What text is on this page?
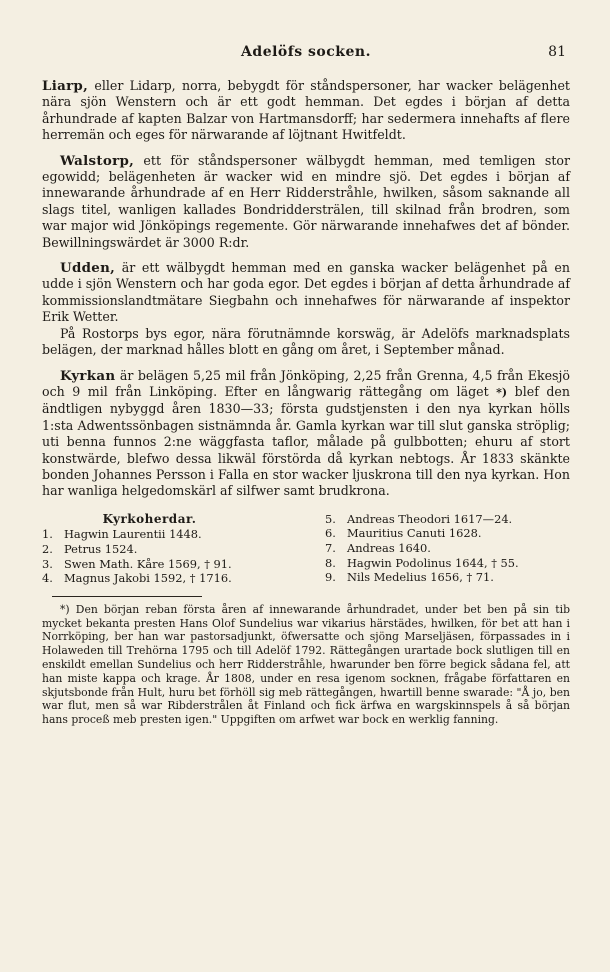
Adelöfs socken.	81

Liarp, eller Lidarp, norra, bebygdt för ståndspersoner, har wacker belägenhet nära sjön Wenstern och är ett godt hemman. Det egdes i början af detta århundrade af kapten Balzar von Hartmansdorff; har sedermera innehafts af flere herremän och eges för närwarande af löjtnant Hwitfeldt.

Walstorp, ett för ståndspersoner wälbygdt hemman, med temligen stor egowidd; belägenheten är wacker wid en mindre sjö. Det egdes i början af innewarande århundrade af en Herr Ridderstråhle, hwilken, såsom saknande all slags titel, wanligen kallades Bondriddersträlen, till skilnad från brodren, som war major wid Jönköpings regemente. Gör närwarande innehafwes det af bönder. Bewillningswärdet är 3000 R:dr.

Udden, är ett wälbygdt hemman med en ganska wacker belägenhet på en udde i sjön Wenstern och har goda egor. Det egdes i början af detta århundrade af kommissionslandtmätare Siegbahn och innehafwes för närwarande af inspektor Erik Wetter.

På Rostorps bys egor, nära förutnämnde korswäg, är Adelöfs marknadsplats belägen, der marknad hålles blott en gång om året, i September månad.

Kyrkan är belägen 5,25 mil från Jönköping, 2,25 från Grenna, 4,5 från Ekesjö och 9 mil från Linköping. Efter en långwarig rättegång om läget *) blef den ändtligen nybyggd åren 1830—33; första gudstjensten i den nya kyrkan hölls 1:sta Adwentssönbagen sistnämnda år. Gamla kyrkan war till slut ganska ströplig; uti benna funnos 2:ne wäggfasta taflor, målade på gulbbotten; ehuru af stort konstwärde, blefwo dessa likwäl förstörda då kyrkan nebtogs. År 1833 skänkte bonden Johannes Persson i Falla en stor wacker ljuskrona till den nya kyrkan. Hon har wanliga helgedomskärl af silfwer samt brudkrona.

Kyrkoherdar.
1. Hagwin Laurentii 1448.
2. Petrus 1524.
3. Swen Math. Kåre 1569, † 91.
4. Magnus Jakobi 1592, † 1716.
5. Andreas Theodori 1617—24.
6. Mauritius Canuti 1628.
7. Andreas 1640.
8. Hagwin Podolinus 1644, † 55.
9. Nils Medelius 1656, † 71.

*) Den början reban första åren af innewarande århundradet, under bet ben på sin tib mycket bekanta presten Hans Olof Sundelius war vikarius härstädes, hwilken, för bet att han i Norrköping, ber han war pastorsadjunkt, öfwersatte och sjöng Marseljäsen, förpassades in i Holaweden till Trehörna 1795 och till Adelöf 1792. Rättegången urartade bock slutligen till en enskildt emellan Sundelius och herr Ridderstråhle, hwarunder ben förre begick sådana fel, att han miste kappa och krage. År 1808, under en resa igenom socknen, frågabe författaren en skjutsbonde från Hult, huru bet förhöll sig meb rättegången, hwartill benne swarade: "Å jo, ben war flut, men så war Ribderstrålen åt Finland och fick ärfwa en wargskinnspels å så början hans proceß meb presten igen." Uppgiften om arfwet war bock en werklig fanning.
